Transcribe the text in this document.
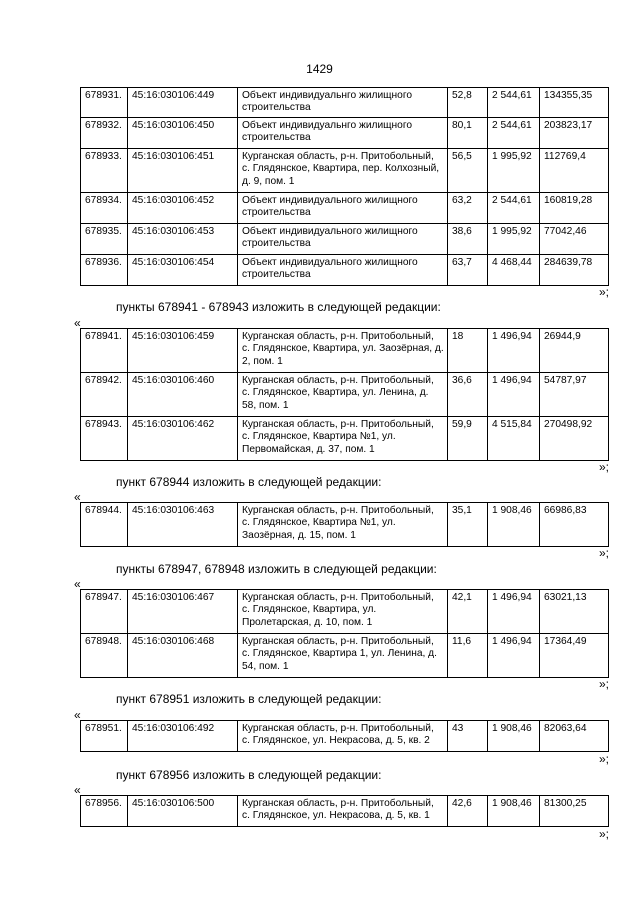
1429
678931.	45:16:030106:449	Объект индивидуальнго жилищного строительства	52,8	2 544,61	134355,35
678932.	45:16:030106:450	Объект индивидуальнго жилищного строительства	80,1	2 544,61	203823,17
678933.	45:16:030106:451	Курганская область, р-н. Притобольный, с. Глядянское, Квартира, пер. Колхозный, д. 9, пом. 1	56,5	1 995,92	112769,4
678934.	45:16:030106:452	Объект индивидуального жилищного строительства	63,2	2 544,61	160819,28
678935.	45:16:030106:453	Объект индивидуального жилищного строительства	38,6	1 995,92	77042,46
678936.	45:16:030106:454	Объект индивидуального жилищного строительства	63,7	4 468,44	284639,78
»;
пункты 678941 - 678943 изложить в следующей редакции:
«
678941.	45:16:030106:459	Курганская область, р-н. Притобольный, с. Глядянское, Квартира, ул. Заозёрная, д. 2, пом. 1	18	1 496,94	26944,9
678942.	45:16:030106:460	Курганская область, р-н. Притобольный, с. Глядянское, Квартира, ул. Ленина, д. 58, пом. 1	36,6	1 496,94	54787,97
678943.	45:16:030106:462	Курганская область, р-н. Притобольный, с. Глядянское, Квартира №1, ул. Первомайская, д. 37, пом. 1	59,9	4 515,84	270498,92
»;
пункт 678944 изложить в следующей редакции:
«
678944.	45:16:030106:463	Курганская область, р-н. Притобольный, с. Глядянское, Квартира №1, ул. Заозёрная, д. 15, пом. 1	35,1	1 908,46	66986,83
»;
пункты 678947, 678948 изложить в следующей редакции:
«
678947.	45:16:030106:467	Курганская область, р-н. Притобольный, с. Глядянское, Квартира, ул. Пролетарская, д. 10, пом. 1	42,1	1 496,94	63021,13
678948.	45:16:030106:468	Курганская область, р-н. Притобольный, с. Глядянское, Квартира 1, ул. Ленина, д. 54, пом. 1	11,6	1 496,94	17364,49
»;
пункт 678951 изложить в следующей редакции:
«
678951.	45:16:030106:492	Курганская область, р-н. Притобольный, с. Глядянское, ул. Некрасова, д. 5, кв. 2	43	1 908,46	82063,64
»;
пункт 678956 изложить в следующей редакции:
«
678956.	45:16:030106:500	Курганская область, р-н. Притобольный, с. Глядянское, ул. Некрасова, д. 5, кв. 1	42,6	1 908,46	81300,25
»;
